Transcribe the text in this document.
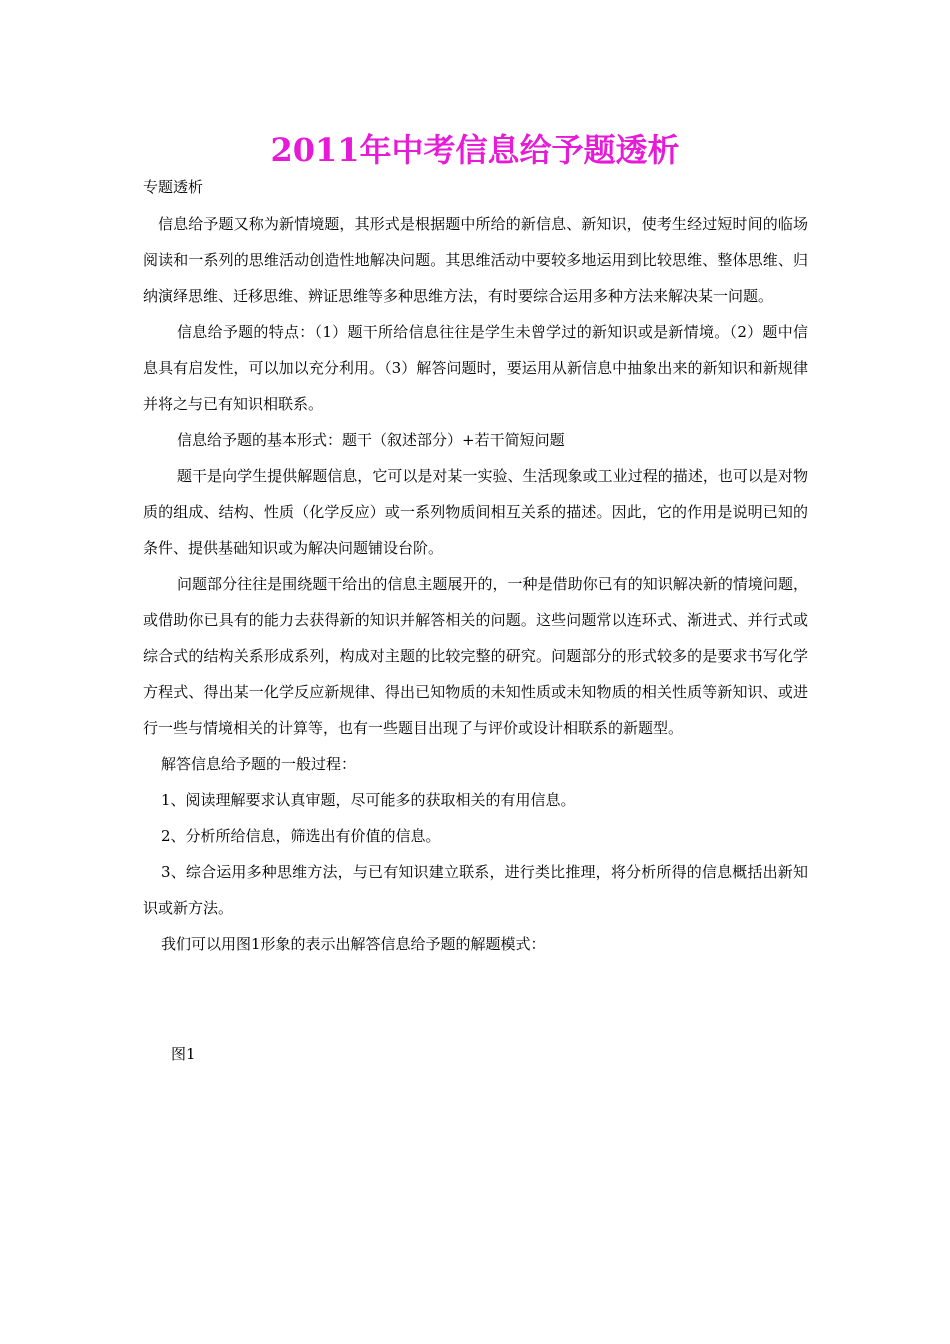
2011年中考信息给予题透析

专题透析

信息给予题又称为新情境题，其形式是根据题中所给的新信息、新知识，使考生经过短时间的临场阅读和一系列的思维活动创造性地解决问题。其思维活动中要较多地运用到比较思维、整体思维、归纳演绎思维、迁移思维、辨证思维等多种思维方法，有时要综合运用多种方法来解决某一问题。

信息给予题的特点：（1）题干所给信息往往是学生未曾学过的新知识或是新情境。（2）题中信息具有启发性，可以加以充分利用。（3）解答问题时，要运用从新信息中抽象出来的新知识和新规律并将之与已有知识相联系。

信息给予题的基本形式：题干（叙述部分）+若干简短问题

题干是向学生提供解题信息，它可以是对某一实验、生活现象或工业过程的描述，也可以是对物质的组成、结构、性质（化学反应）或一系列物质间相互关系的描述。因此，它的作用是说明已知的条件、提供基础知识或为解决问题铺设台阶。

问题部分往往是围绕题干给出的信息主题展开的，一种是借助你已有的知识解决新的情境问题，或借助你已具有的能力去获得新的知识并解答相关的问题。这些问题常以连环式、渐进式、并行式或综合式的结构关系形成系列，构成对主题的比较完整的研究。问题部分的形式较多的是要求书写化学方程式、得出某一化学反应新规律、得出已知物质的未知性质或未知物质的相关性质等新知识、或进行一些与情境相关的计算等，也有一些题目出现了与评价或设计相联系的新题型。

解答信息给予题的一般过程：

1、阅读理解要求认真审题，尽可能多的获取相关的有用信息。

2、分析所给信息，筛选出有价值的信息。

3、综合运用多种思维方法，与已有知识建立联系，进行类比推理，将分析所得的信息概括出新知识或新方法。

我们可以用图1形象的表示出解答信息给予题的解题模式：

图1
